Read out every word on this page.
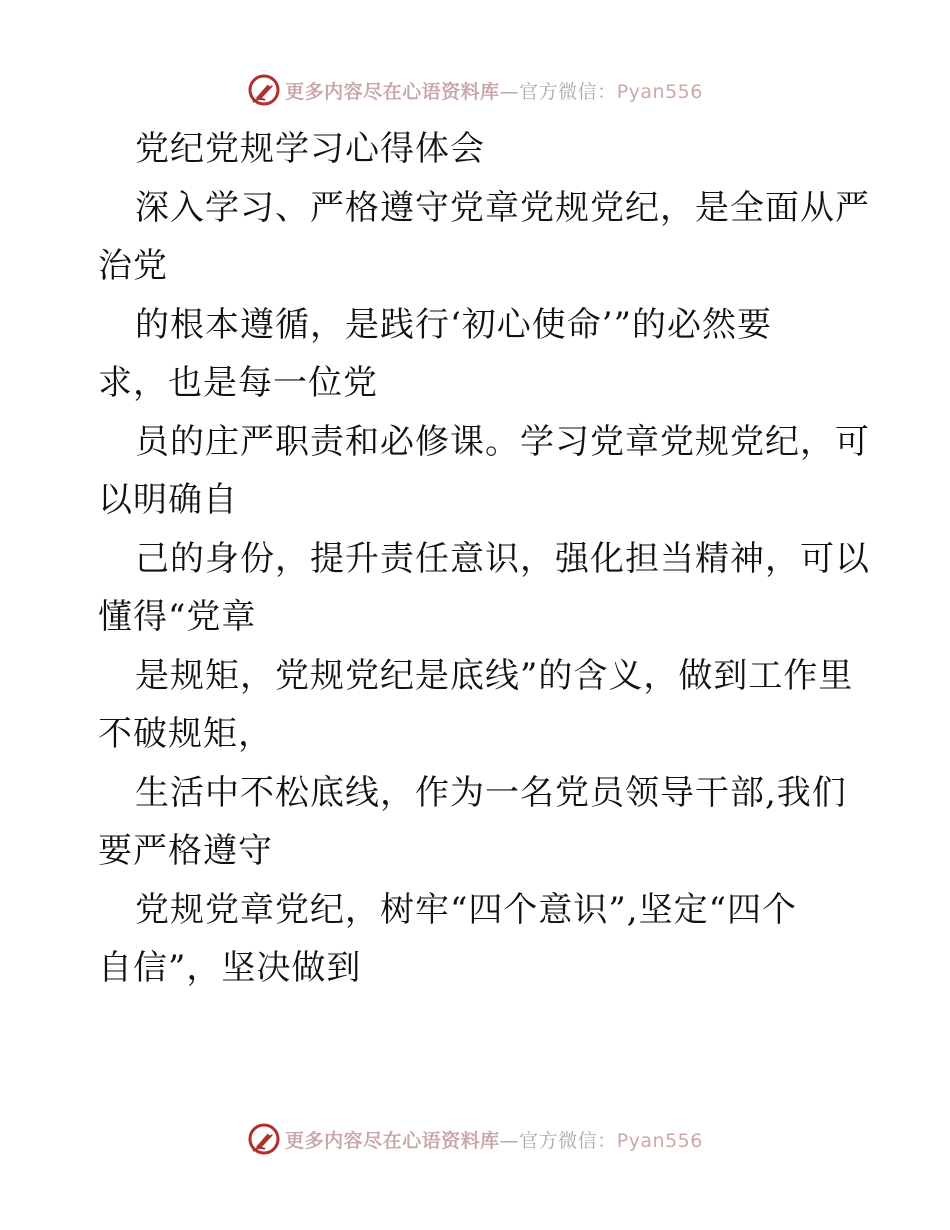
更多内容尽在心语资料库—官方微信：Pyan556
党纪党规学习心得体会
深入学习、严格遵守党章党规党纪，是全面从严
治党
的根本遵循，是践行‘初心使命’”的必然要
求，也是每一位党
员的庄严职责和必修课。学习党章党规党纪，可
以明确自
己的身份，提升责任意识，强化担当精神，可以
懂得“党章
是规矩，党规党纪是底线”的含义，做到工作里
不破规矩，
生活中不松底线，作为一名党员领导干部,我们
要严格遵守
党规党章党纪，树牢“四个意识”,坚定“四个
自信”，坚决做到
更多内容尽在心语资料库—官方微信：Pyan556
